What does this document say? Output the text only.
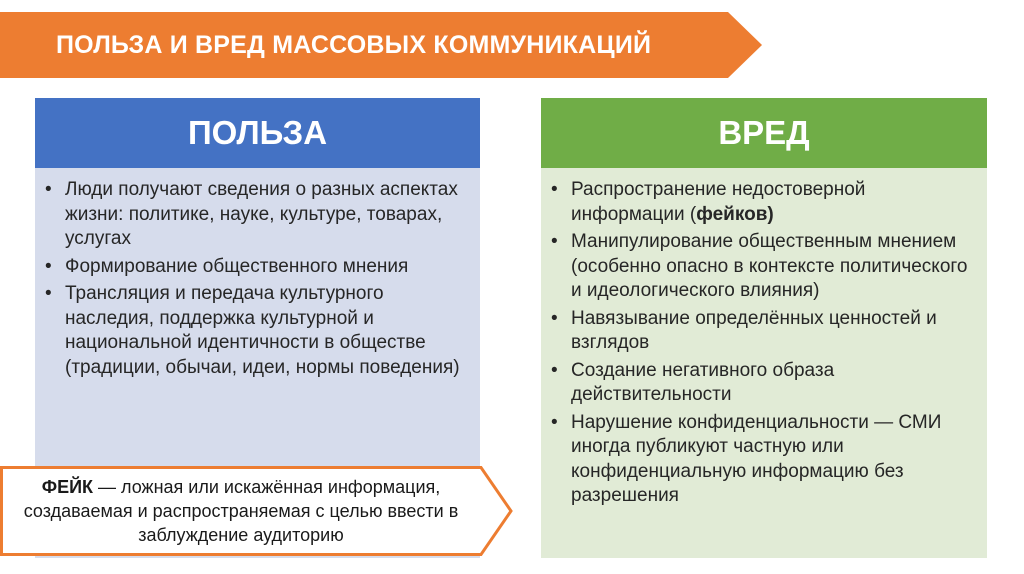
ПОЛЬЗА И ВРЕД МАССОВЫХ КОММУНИКАЦИЙ
ПОЛЬЗА
• Люди получают сведения о разных аспектах жизни: политике, науке, культуре, товарах, услугах
• Формирование общественного мнения
• Трансляция и передача культурного наследия, поддержка культурной и национальной идентичности в обществе (традиции, обычаи, идеи, нормы поведения)
ВРЕД
• Распространение недостоверной информации (фейков)
• Манипулирование общественным мнением (особенно опасно в контексте политического и идеологического влияния)
• Навязывание определённых ценностей и взглядов
• Создание негативного образа действительности
• Нарушение конфиденциальности — СМИ иногда публикуют частную или конфиденциальную информацию без разрешения
ФЕЙК — ложная или искажённая информация, создаваемая и распространяемая с целью ввести в заблуждение аудиторию
